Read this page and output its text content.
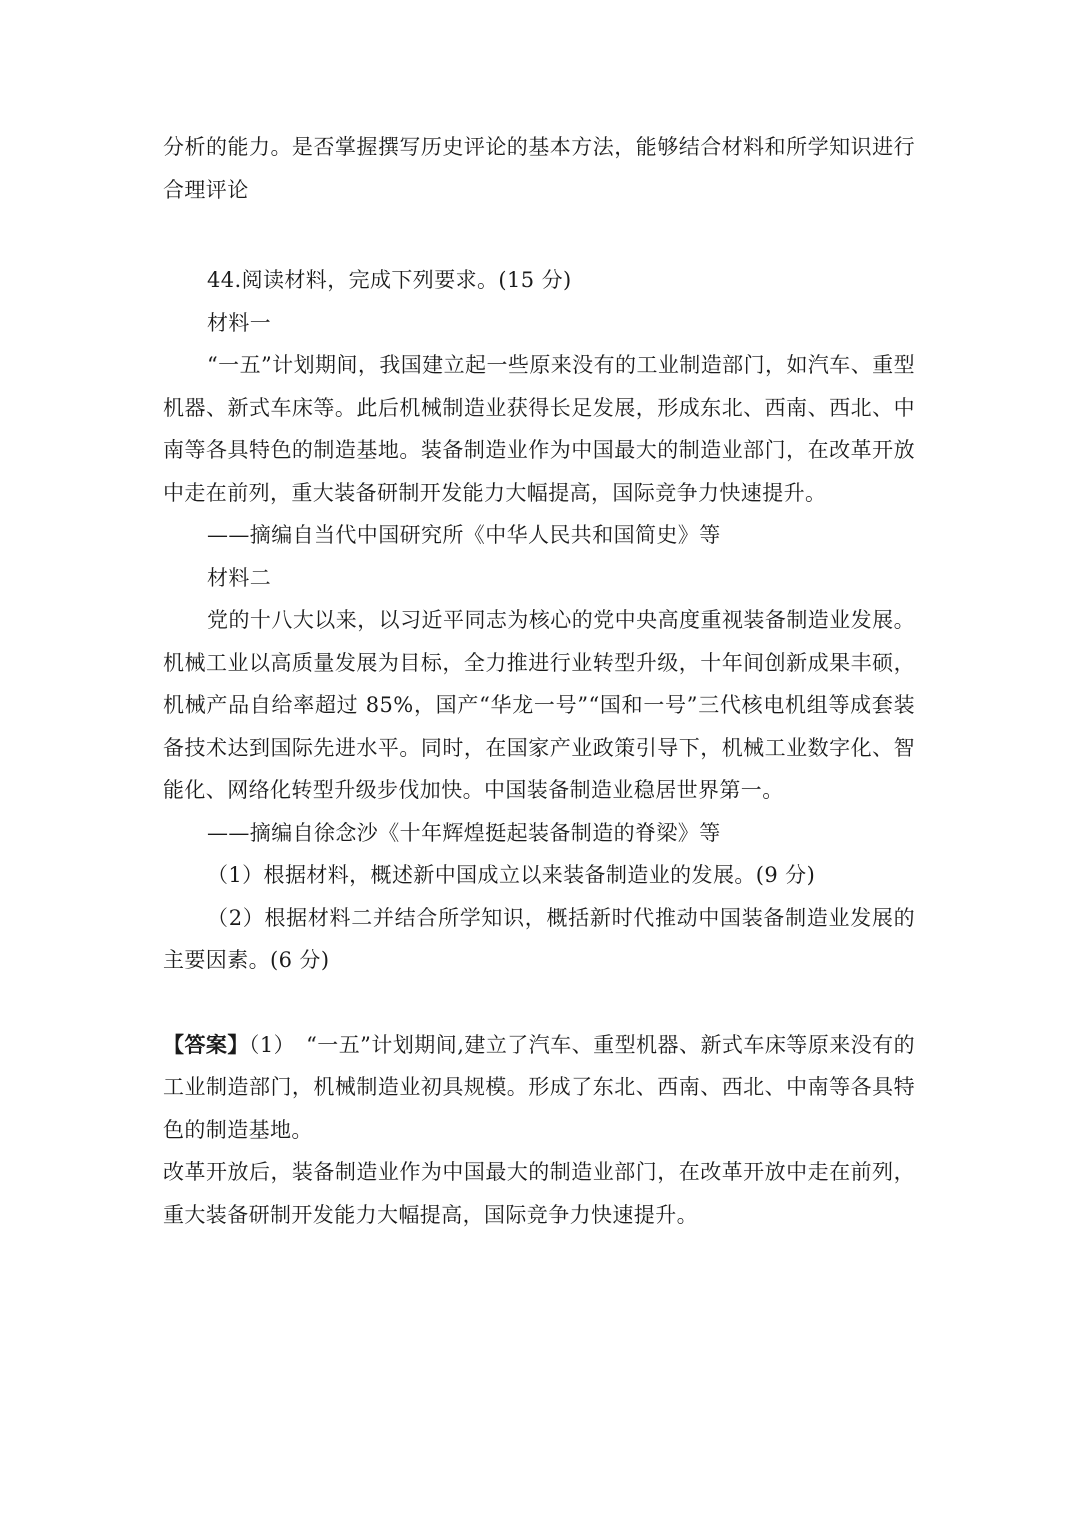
分析的能力。是否掌握撰写历史评论的基本方法，能够结合材料和所学知识进行合理评论

44.阅读材料，完成下列要求。(15 分)

材料一

“一五”计划期间，我国建立起一些原来没有的工业制造部门，如汽车、重型机器、新式车床等。此后机械制造业获得长足发展，形成东北、西南、西北、中南等各具特色的制造基地。装备制造业作为中国最大的制造业部门，在改革开放中走在前列，重大装备研制开发能力大幅提高，国际竞争力快速提升。

——摘编自当代中国研究所《中华人民共和国简史》等

材料二

党的十八大以来，以习近平同志为核心的党中央高度重视装备制造业发展。机械工业以高质量发展为目标，全力推进行业转型升级，十年间创新成果丰硕，机械产品自给率超过 85%，国产“华龙一号”“国和一号”三代核电机组等成套装备技术达到国际先进水平。同时，在国家产业政策引导下，机械工业数字化、智能化、网络化转型升级步伐加快。中国装备制造业稳居世界第一。

——摘编自徐念沙《十年辉煌挺起装备制造的脊梁》等

（1）根据材料，概述新中国成立以来装备制造业的发展。(9 分)

（2）根据材料二并结合所学知识，概括新时代推动中国装备制造业发展的主要因素。(6 分)

【答案】（1）　“一五”计划期间,建立了汽车、重型机器、新式车床等原来没有的工业制造部门，机械制造业初具规模。形成了东北、西南、西北、中南等各具特色的制造基地。

改革开放后，装备制造业作为中国最大的制造业部门，在改革开放中走在前列，重大装备研制开发能力大幅提高，国际竞争力快速提升。
